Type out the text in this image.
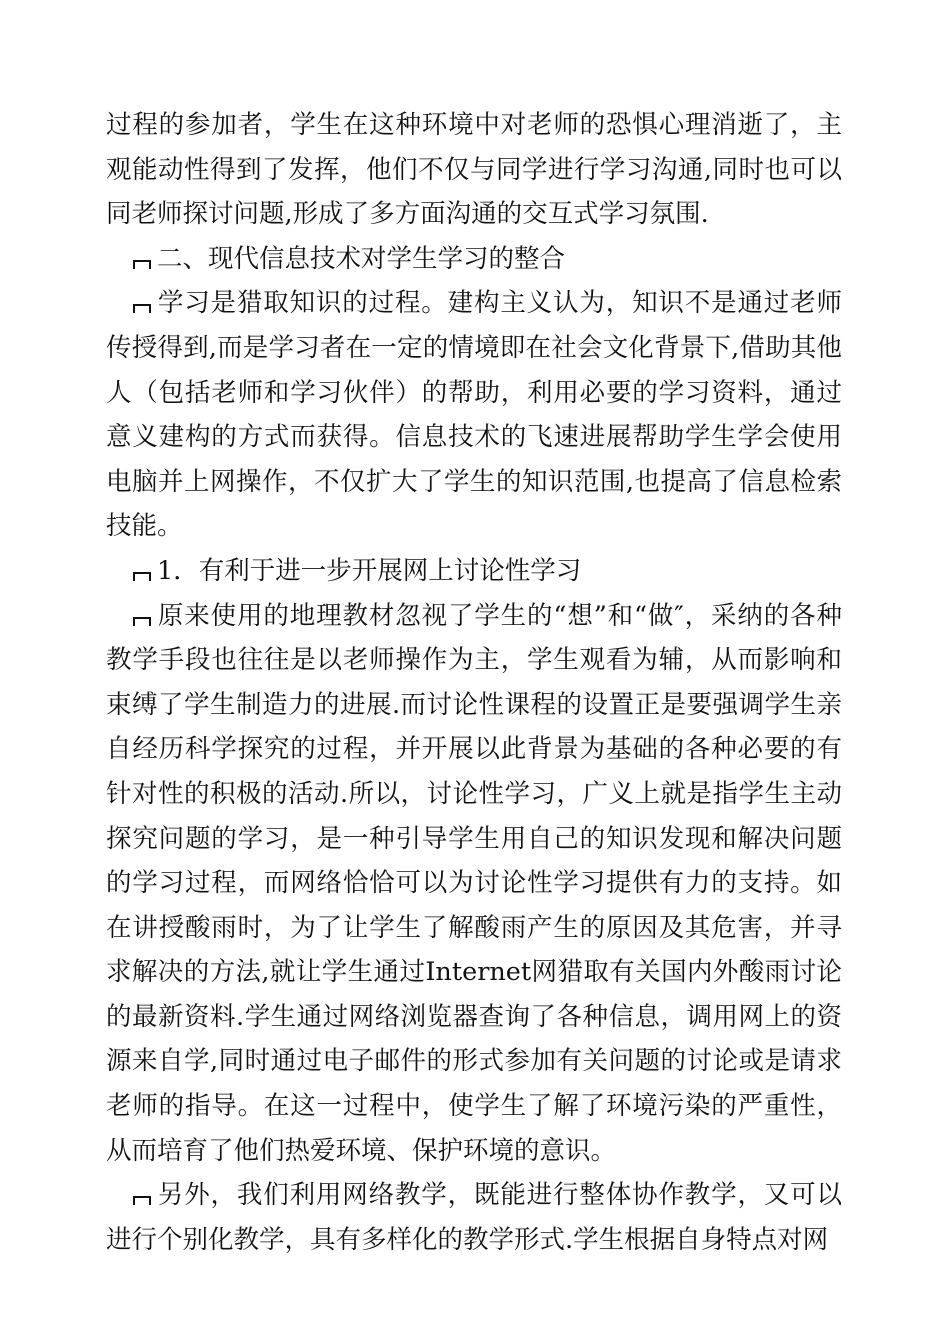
过程的参加者，学生在这种环境中对老师的恐惧心理消逝了，主观能动性得到了发挥，他们不仅与同学进行学习沟通,同时也可以同老师探讨问题,形成了多方面沟通的交互式学习氛围.

二、现代信息技术对学生学习的整合

学习是猎取知识的过程。建构主义认为，知识不是通过老师传授得到,而是学习者在一定的情境即在社会文化背景下,借助其他人（包括老师和学习伙伴）的帮助，利用必要的学习资料，通过意义建构的方式而获得。信息技术的飞速进展帮助学生学会使用电脑并上网操作，不仅扩大了学生的知识范围,也提高了信息检索技能。

1．有利于进一步开展网上讨论性学习

原来使用的地理教材忽视了学生的“想”和“做″，采纳的各种教学手段也往往是以老师操作为主，学生观看为辅，从而影响和束缚了学生制造力的进展.而讨论性课程的设置正是要强调学生亲自经历科学探究的过程，并开展以此背景为基础的各种必要的有针对性的积极的活动.所以，讨论性学习，广义上就是指学生主动探究问题的学习，是一种引导学生用自己的知识发现和解决问题的学习过程，而网络恰恰可以为讨论性学习提供有力的支持。如在讲授酸雨时，为了让学生了解酸雨产生的原因及其危害，并寻求解决的方法,就让学生通过Internet网猎取有关国内外酸雨讨论的最新资料.学生通过网络浏览器查询了各种信息，调用网上的资源来自学,同时通过电子邮件的形式参加有关问题的讨论或是请求老师的指导。在这一过程中，使学生了解了环境污染的严重性，从而培育了他们热爱环境、保护环境的意识。

另外，我们利用网络教学，既能进行整体协作教学，又可以进行个别化教学，具有多样化的教学形式.学生根据自身特点对网
